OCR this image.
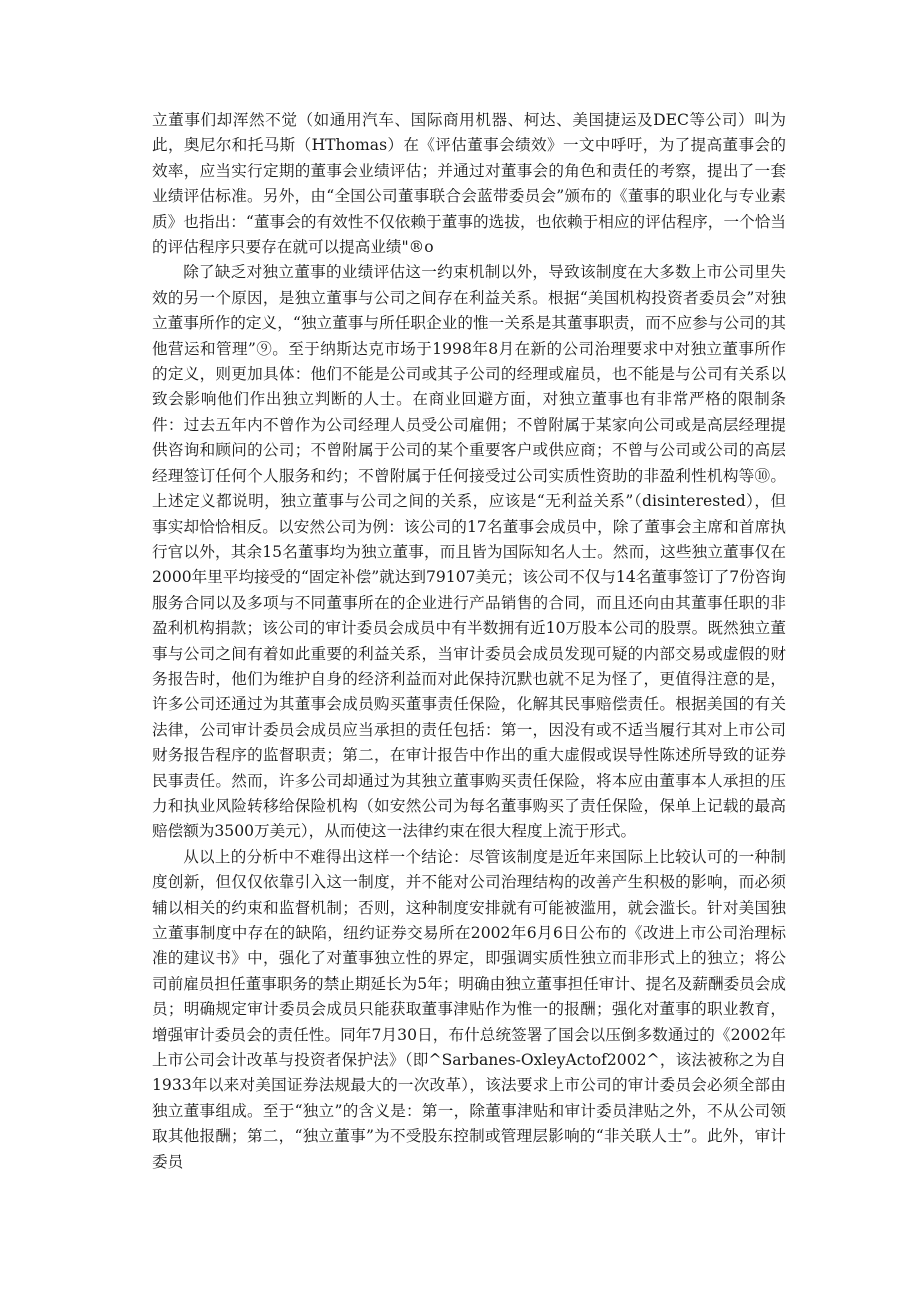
立董事们却浑然不觉（如通用汽车、国际商用机器、柯达、美国捷运及DEC等公司）叫为此，奥尼尔和托马斯（HThomas）在《评估董事会绩效》一文中呼吁，为了提高董事会的效率，应当实行定期的董事会业绩评估；并通过对董事会的角色和责任的考察，提出了一套业绩评估标准。另外，由“全国公司董事联合会蓝带委员会”颁布的《董事的职业化与专业素质》也指出：“董事会的有效性不仅依赖于董事的选拔，也依赖于相应的评估程序，一个恰当的评估程序只要存在就可以提高业绩"®o

除了缺乏对独立董事的业绩评估这一约束机制以外，导致该制度在大多数上市公司里失效的另一个原因，是独立董事与公司之间存在利益关系。根据“美国机构投资者委员会”对独立董事所作的定义，“独立董事与所任职企业的惟一关系是其董事职责，而不应参与公司的其他营运和管理”⑨。至于纳斯达克市场于1998年8月在新的公司治理要求中对独立董事所作的定义，则更加具体：他们不能是公司或其子公司的经理或雇员，也不能是与公司有关系以致会影响他们作出独立判断的人士。在商业回避方面，对独立董事也有非常严格的限制条件：过去五年内不曾作为公司经理人员受公司雇佣；不曾附属于某家向公司或是高层经理提供咨询和顾问的公司；不曾附属于公司的某个重要客户或供应商；不曾与公司或公司的高层经理签订任何个人服务和约；不曾附属于任何接受过公司实质性资助的非盈利性机构等⑩。上述定义都说明，独立董事与公司之间的关系，应该是“无利益关系”（disinterested），但事实却恰恰相反。以安然公司为例：该公司的17名董事会成员中，除了董事会主席和首席执行官以外，其余15名董事均为独立董事，而且皆为国际知名人士。然而，这些独立董事仅在2000年里平均接受的“固定补偿”就达到79107美元；该公司不仅与14名董事签订了7份咨询服务合同以及多项与不同董事所在的企业进行产品销售的合同，而且还向由其董事任职的非盈利机构捐款；该公司的审计委员会成员中有半数拥有近10万股本公司的股票。既然独立董事与公司之间有着如此重要的利益关系，当审计委员会成员发现可疑的内部交易或虚假的财务报告时，他们为维护自身的经济利益而对此保持沉默也就不足为怪了，更值得注意的是，许多公司还通过为其董事会成员购买董事责任保险，化解其民事赔偿责任。根据美国的有关法律，公司审计委员会成员应当承担的责任包括：第一，因没有或不适当履行其对上市公司财务报告程序的监督职责；第二，在审计报告中作出的重大虚假或误导性陈述所导致的证券民事责任。然而，许多公司却通过为其独立董事购买责任保险，将本应由董事本人承担的压力和执业风险转移给保险机构（如安然公司为每名董事购买了责任保险，保单上记载的最高赔偿额为3500万美元），从而使这一法律约束在很大程度上流于形式。

从以上的分析中不难得出这样一个结论：尽管该制度是近年来国际上比较认可的一种制度创新，但仅仅依靠引入这一制度，并不能对公司治理结构的改善产生积极的影响，而必须辅以相关的约束和监督机制；否则，这种制度安排就有可能被滥用，就会滥长。针对美国独立董事制度中存在的缺陷，纽约证券交易所在2002年6月6日公布的《改进上市公司治理标准的建议书》中，强化了对董事独立性的界定，即强调实质性独立而非形式上的独立；将公司前雇员担任董事职务的禁止期延长为5年；明确由独立董事担任审计、提名及薪酬委员会成员；明确规定审计委员会成员只能获取董事津贴作为惟一的报酬；强化对董事的职业教育，增强审计委员会的责任性。同年7月30日，布什总统签署了国会以压倒多数通过的《2002年上市公司会计改革与投资者保护法》（即^Sarbanes-OxleyActof2002^，该法被称之为自1933年以来对美国证券法规最大的一次改革），该法要求上市公司的审计委员会必须全部由独立董事组成。至于“独立”的含义是：第一，除董事津贴和审计委员津贴之外，不从公司领取其他报酬；第二，“独立董事”为不受股东控制或管理层影响的“非关联人士”。此外，审计委员
